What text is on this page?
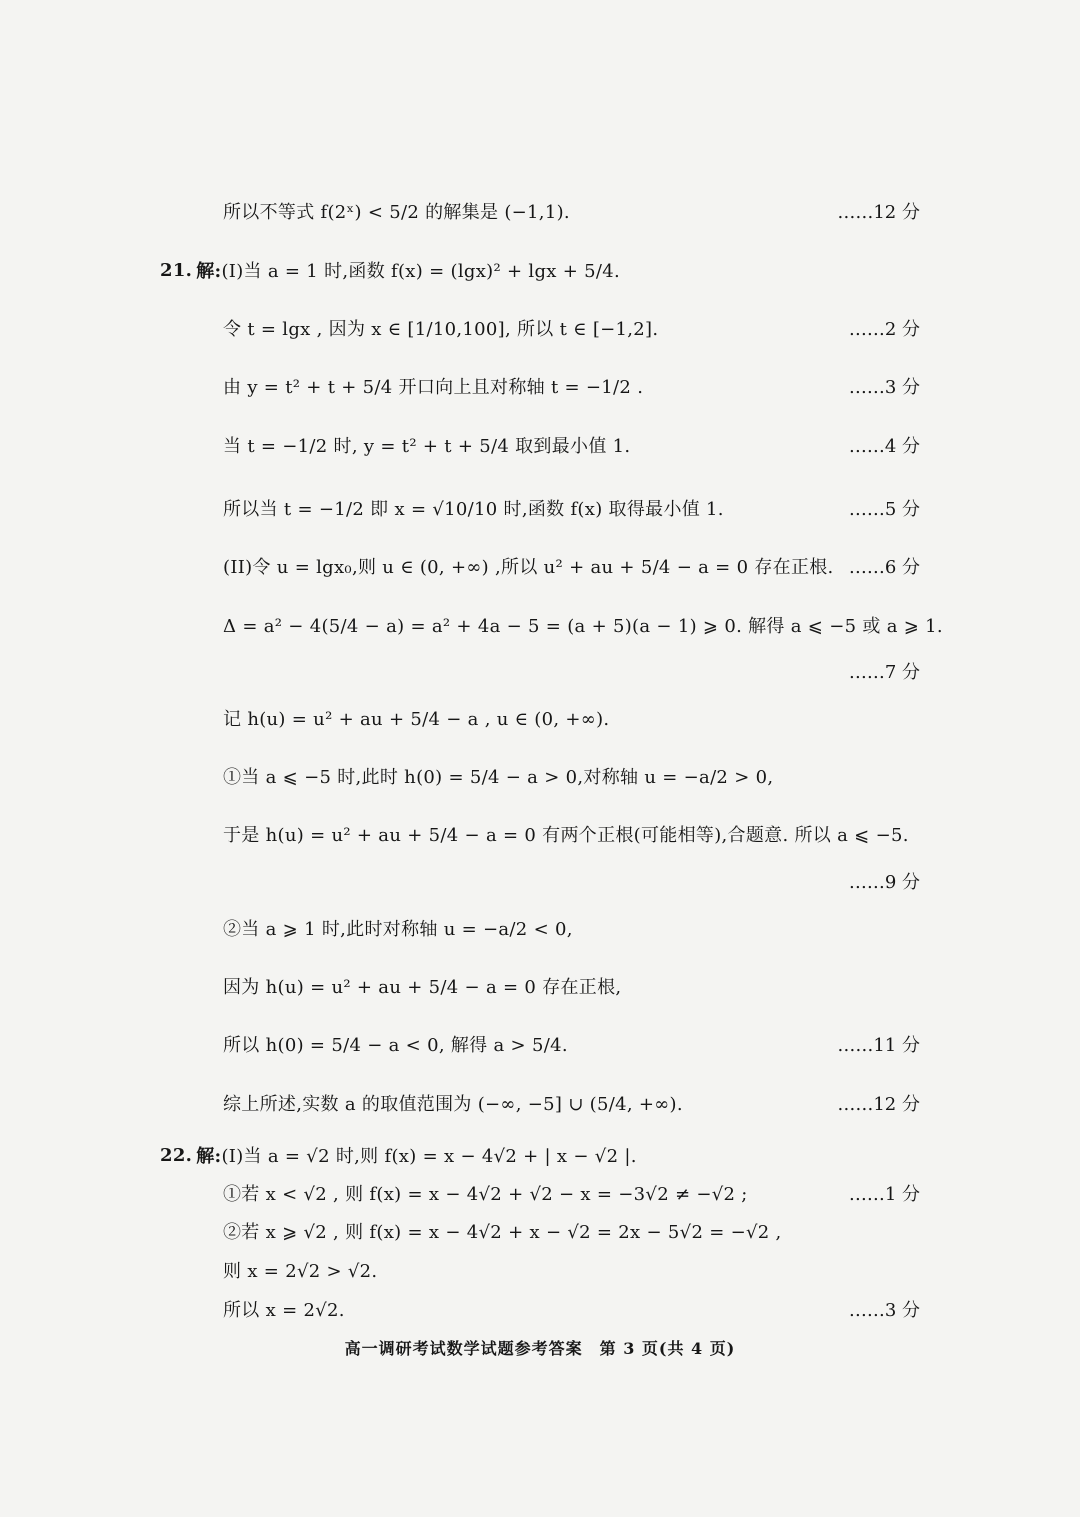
所以不等式 f(2ˣ) < 5/2 的解集是 (−1,1).	……12 分
21. 解: (I)当 a = 1 时,函数 f(x) = (lgx)² + lgx + 5/4.
令 t = lgx , 因为 x ∈ [1/10,100], 所以 t ∈ [−1,2].	……2 分
由 y = t² + t + 5/4 开口向上且对称轴 t = −1/2 .	……3 分
当 t = −1/2 时, y = t² + t + 5/4 取到最小值 1.	……4 分
所以当 t = −1/2 即 x = √10/10 时,函数 f(x) 取得最小值 1.	……5 分
(II)令 u = lgx₀,则 u ∈ (0, +∞) ,所以 u² + au + 5/4 − a = 0 存在正根. ……6 分
Δ = a² − 4(5/4 − a) = a² + 4a − 5 = (a + 5)(a − 1) ⩾ 0. 解得 a ⩽ −5 或 a ⩾ 1.
……7 分
记 h(u) = u² + au + 5/4 − a , u ∈ (0, +∞).
①当 a ⩽ −5 时,此时 h(0) = 5/4 − a > 0,对称轴 u = −a/2 > 0,
于是 h(u) = u² + au + 5/4 − a = 0 有两个正根(可能相等),合题意. 所以 a ⩽ −5.
……9 分
②当 a ⩾ 1 时,此时对称轴 u = −a/2 < 0,
因为 h(u) = u² + au + 5/4 − a = 0 存在正根,
所以 h(0) = 5/4 − a < 0, 解得 a > 5/4.	……11 分
综上所述,实数 a 的取值范围为 (−∞, −5] ∪ (5/4, +∞).	……12 分
22. 解: (I)当 a = √2 时,则 f(x) = x − 4√2 + | x − √2 |.
①若 x < √2 , 则 f(x) = x − 4√2 + √2 − x = −3√2 ≠ −√2 ;	……1 分
②若 x ⩾ √2 , 则 f(x) = x − 4√2 + x − √2 = 2x − 5√2 = −√2 ,
则 x = 2√2 > √2.
所以 x = 2√2.	……3 分
高一调研考试数学试题参考答案　第 3 页(共 4 页)
